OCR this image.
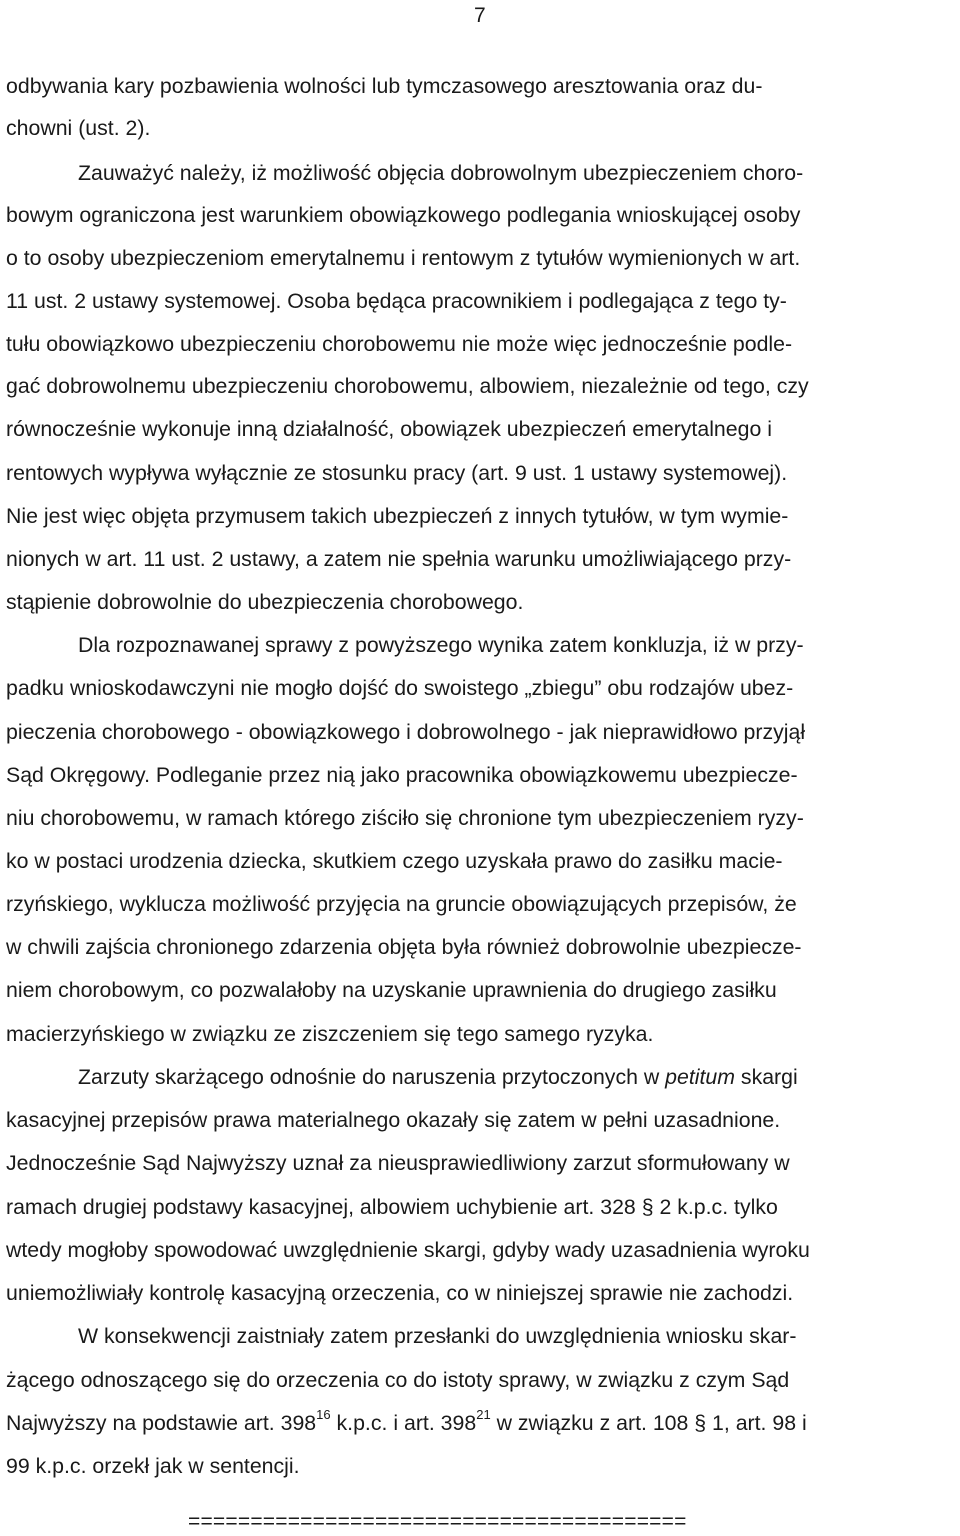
7
odbywania kary pozbawienia wolności lub tymczasowego aresztowania oraz du-
chowni (ust. 2).
Zauważyć należy, iż możliwość objęcia dobrowolnym ubezpieczeniem choro-
bowym ograniczona jest warunkiem obowiązkowego podlegania wnioskującej osoby
o to osoby ubezpieczeniom emerytalnemu i rentowym z tytułów wymienionych w art.
11 ust. 2 ustawy systemowej. Osoba będąca pracownikiem i podlegająca z tego ty-
tułu obowiązkowo ubezpieczeniu chorobowemu nie może więc jednocześnie podle-
gać dobrowolnemu ubezpieczeniu chorobowemu, albowiem, niezależnie od tego, czy
równocześnie wykonuje inną działalność, obowiązek ubezpieczeń emerytalnego i
rentowych wypływa wyłącznie ze stosunku pracy (art. 9 ust. 1 ustawy systemowej).
Nie jest więc objęta przymusem takich ubezpieczeń z innych tytułów, w tym wymie-
nionych w art. 11 ust. 2 ustawy, a zatem nie spełnia warunku umożliwiającego przy-
stąpienie dobrowolnie do ubezpieczenia chorobowego.
Dla rozpoznawanej sprawy z powyższego wynika zatem konkluzja, iż w przy-
padku wnioskodawczyni nie mogło dojść do swoistego „zbiegu” obu rodzajów ubez-
pieczenia chorobowego - obowiązkowego i dobrowolnego - jak nieprawidłowo przyjął
Sąd Okręgowy. Podleganie przez nią jako pracownika obowiązkowemu ubezpiecze-
niu chorobowemu, w ramach którego ziściło się chronione tym ubezpieczeniem ryzy-
ko w postaci urodzenia dziecka, skutkiem czego uzyskała prawo do zasiłku macie-
rzyńskiego, wyklucza możliwość przyjęcia na gruncie obowiązujących przepisów, że
w chwili zajścia chronionego zdarzenia objęta była również dobrowolnie ubezpiecze-
niem chorobowym, co pozwalałoby na uzyskanie uprawnienia do drugiego zasiłku
macierzyńskiego w związku ze ziszczeniem się tego samego ryzyka.
Zarzuty skarżącego odnośnie do naruszenia przytoczonych w petitum skargi
kasacyjnej przepisów prawa materialnego okazały się zatem w pełni uzasadnione.
Jednocześnie Sąd Najwyższy uznał za nieusprawiedliwiony zarzut sformułowany w
ramach drugiej podstawy kasacyjnej, albowiem uchybienie art. 328 § 2 k.p.c. tylko
wtedy mogłoby spowodować uwzględnienie skargi, gdyby wady uzasadnienia wyroku
uniemożliwiały kontrolę kasacyjną orzeczenia, co w niniejszej sprawie nie zachodzi.
W konsekwencji zaistniały zatem przesłanki do uwzględnienia wniosku skar-
żącego odnoszącego się do orzeczenia co do istoty sprawy, w związku z czym Sąd
Najwyższy na podstawie art. $398^{16}$ k.p.c. i art. $398^{21}$ w związku z art. 108 § 1, art. 98 i
99 k.p.c. orzekł jak w sentencji.
========================================
